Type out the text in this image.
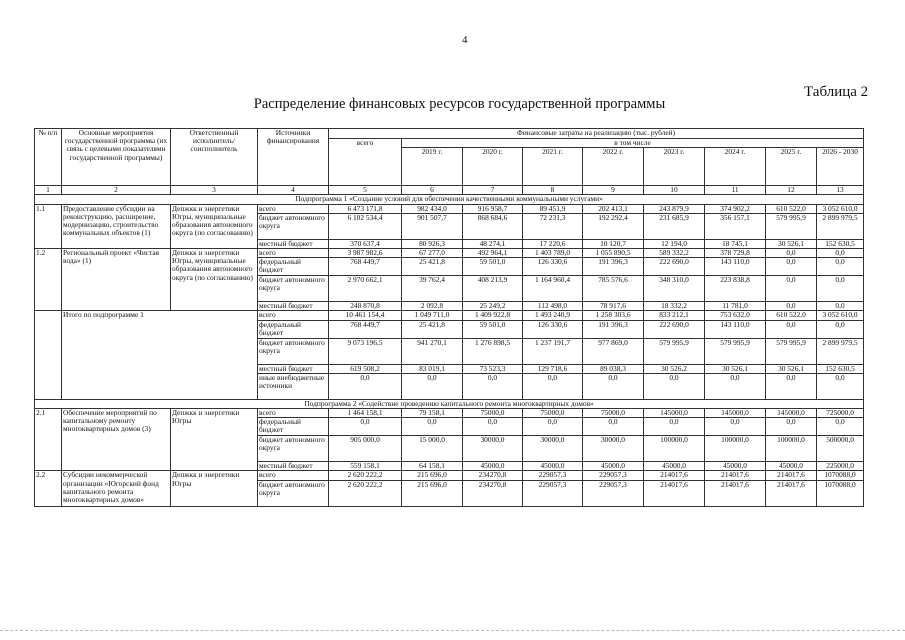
4
Таблица 2
Распределение финансовых ресурсов государственной программы
№ п/п	Основные мероприятия государственной программы (их связь с целевыми показателями государственной программы)	Ответственный исполнитель/ соисполнитель	Источники финансирования	Финансовые затраты на реализацию (тыс. рублей)								
				всего	в том числе							
					2019 г.	2020 г.	2021 г.	2022 г.	2023 г.	2024 г.	2025 г.	2026 - 2030
1	2	3	4	5	6	7	8	9	10	11	12	13
Подпрограмма 1 «Создание условий для обеспечения качественными коммунальными услугами»												
1.1	Предоставление субсидии на реконструкцию, расширение, модернизацию, строительство коммунальных объектов (1)	Депжкк и энергетики Югры, муниципальные образования автономного округа (по согласованию)	всего	6 473 171,8	982 434,0	916 958,7	89 451,9	202 413,1	243 879,9	374 902,2	610 522,0	3 052 610,0
			бюджет автономного округа	6 102 534,4	901 507,7	868 684,6	72 231,3	192 292,4	231 685,9	356 157,1	579 995,9	2 899 979,5
			местный бюджет	370 637,4	80 926,3	48 274,1	17 220,6	10 120,7	12 194,0	18 745,1	30 526,1	152 630,5
1.2	Региональный проект «Чистая вода» (1)	Депжкк и энергетики Югры, муниципальные образования автономного округа (по согласованию)	всего	3 987 982,6	67 277,0	492 964,1	1 403 789,0	1 055 890,5	589 332,2	378 729,8	0,0	0,0
			федеральный бюджет	768 449,7	25 421,8	59 501,0	126 330,6	191 396,3	222 690,0	143 110,0	0,0	0,0
			бюджет автономного округа	2 970 662,1	39 762,4	408 213,9	1 164 960,4	785 576,6	348 310,0	223 838,8	0,0	0,0
			местный бюджет	248 870,8	2 092,8	25 249,2	112 498,0	78 917,6	18 332,2	11 781,0	0,0	0,0
	Итого по подпрограмме 1		всего	10 461 154,4	1 049 711,0	1 409 922,8	1 493 240,9	1 258 303,6	833 212,1	753 632,0	610 522,0	3 052 610,0
			федеральный бюджет	768 449,7	25 421,8	59 501,0	126 330,6	191 396,3	222 690,0	143 110,0	0,0	0,0
			бюджет автономного округа	9 073 196,5	941 270,1	1 276 898,5	1 237 191,7	977 869,0	579 995,9	579 995,9	579 995,9	2 899 979,5
			местный бюджет	619 508,2	83 019,1	73 523,3	129 718,6	89 038,3	30 526,2	30 526,1	30 526,1	152 630,5
			иные внебюджетные источники	0,0	0,0	0,0	0,0	0,0	0,0	0,0	0,0	0,0
Подпрограмма 2 «Содействие проведению капитального ремонта многоквартирных домов»												
2.1	Обеспечение мероприятий по капитальному ремонту многоквартирных домов (3)	Депжкк и энергетики Югры	всего	1 464 158,1	79 158,1	75000,0	75000,0	75000,0	145000,0	145000,0	145000,0	725000,0
			федеральный бюджет	0,0	0,0	0,0	0,0	0,0	0,0	0,0	0,0	0,0
			бюджет автономного округа	905 000,0	15 000,0	30000,0	30000,0	30000,0	100000,0	100000,0	100000,0	500000,0
			местный бюджет	559 158,1	64 158,1	45000,0	45000,0	45000,0	45000,0	45000,0	45000,0	225000,0
2.2	Субсидии некоммерческой организации «Югорский фонд капитального ремонта многоквартирных домов»	Депжкк и энергетики Югры	всего	2 620 222,2	215 696,0	234270,8	229057,3	229057,3	214017,6	214017,6	214017,6	1070088,0
			бюджет автономного округа	2 620 222,2	215 696,0	234270,8	229057,3	229057,3	214017,6	214017,6	214017,6	1070088,0
